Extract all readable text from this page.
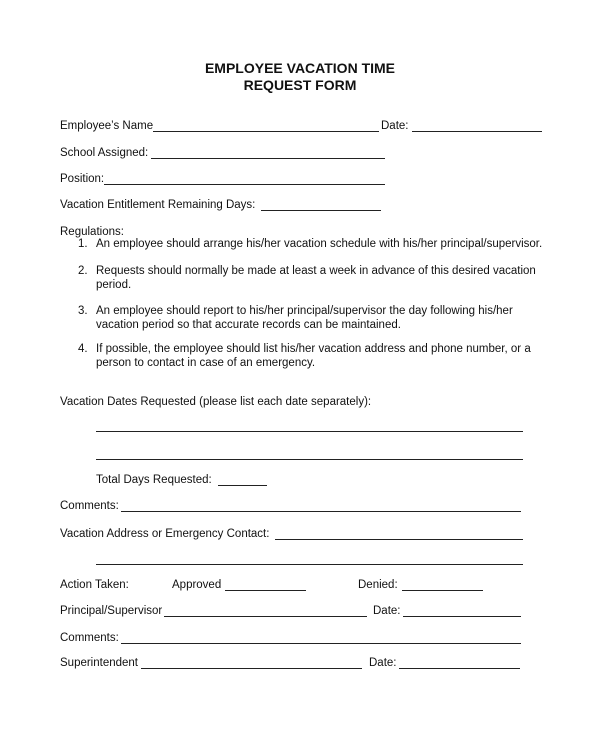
EMPLOYEE VACATION TIME
REQUEST FORM
Employee’s Name	Date:
School Assigned:
Position:
Vacation Entitlement Remaining Days:
Regulations:
1. An employee should arrange his/her vacation schedule with his/her principal/supervisor.
2. Requests should normally be made at least a week in advance of this desired vacation period.
3. An employee should report to his/her principal/supervisor the day following his/her vacation period so that accurate records can be maintained.
4. If possible, the employee should list his/her vacation address and phone number, or a person to contact in case of an emergency.
Vacation Dates Requested (please list each date separately):
Total Days Requested:
Comments:
Vacation Address or Emergency Contact:
Action Taken:	Approved	Denied:
Principal/Supervisor	Date:
Comments:
Superintendent	Date:
